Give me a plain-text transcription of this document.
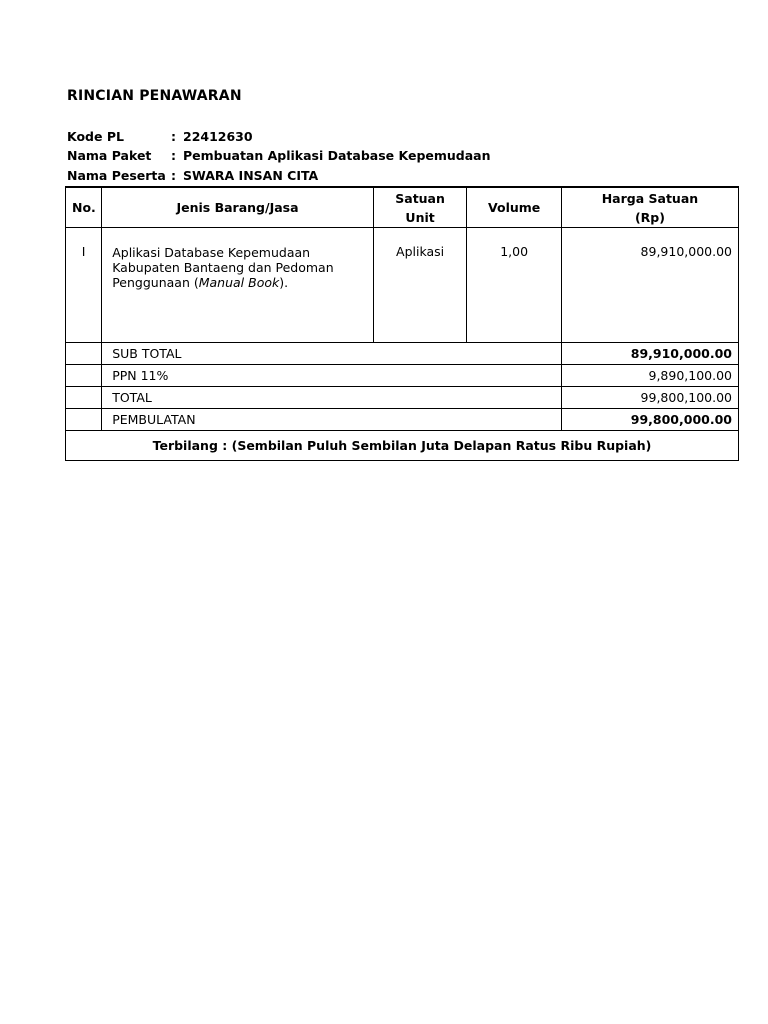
RINCIAN PENAWARAN
Kode PL	: 22412630
Nama Paket : Pembuatan Aplikasi Database Kepemudaan
Nama Peserta : SWARA INSAN CITA
No.	Jenis Barang/Jasa	Satuan Unit	Volume	Harga Satuan
(Rp)

I	Aplikasi Database Kepemudaan Kabupaten Bantaeng dan Pedoman Penggunaan (Manual Book).	Aplikasi	1,00	89,910,000.00
	SUB TOTAL			89,910,000.00
	PPN 11%			9,890,100.00
	TOTAL			99,800,100.00
	PEMBULATAN			99,800,000.00
Terbilang : (Sembilan Puluh Sembilan Juta Delapan Ratus Ribu Rupiah)				
